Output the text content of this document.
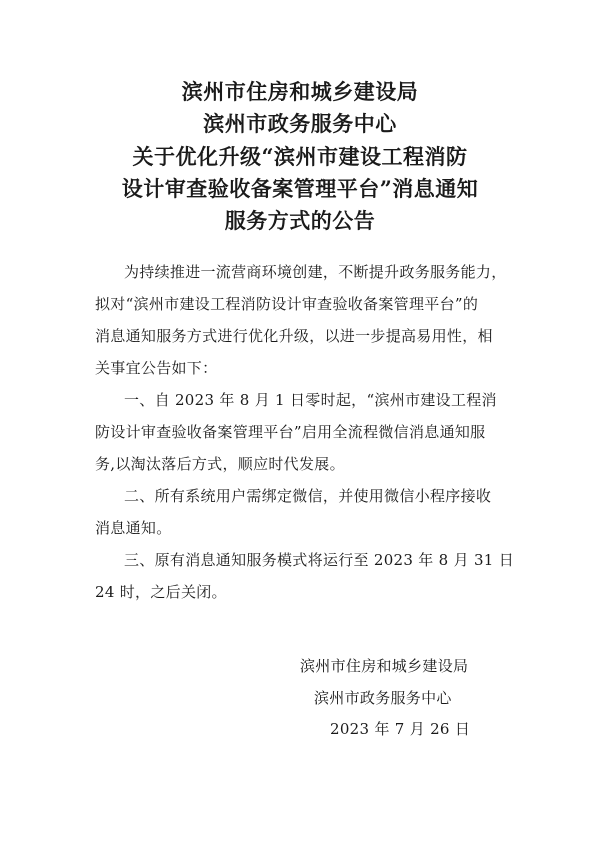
滨州市住房和城乡建设局
滨州市政务服务中心
关于优化升级“滨州市建设工程消防
设计审查验收备案管理平台”消息通知
服务方式的公告
为持续推进一流营商环境创建，不断提升政务服务能力，
拟对“滨州市建设工程消防设计审查验收备案管理平台”的
消息通知服务方式进行优化升级，以进一步提高易用性，相
关事宜公告如下：
一、自 2023 年 8 月 1 日零时起，“滨州市建设工程消
防设计审查验收备案管理平台”启用全流程微信消息通知服
务,以淘汰落后方式，顺应时代发展。
二、所有系统用户需绑定微信，并使用微信小程序接收
消息通知。
三、原有消息通知服务模式将运行至 2023 年 8 月 31 日
24 时，之后关闭。
滨州市住房和城乡建设局
滨州市政务服务中心
2023 年 7 月 26 日
